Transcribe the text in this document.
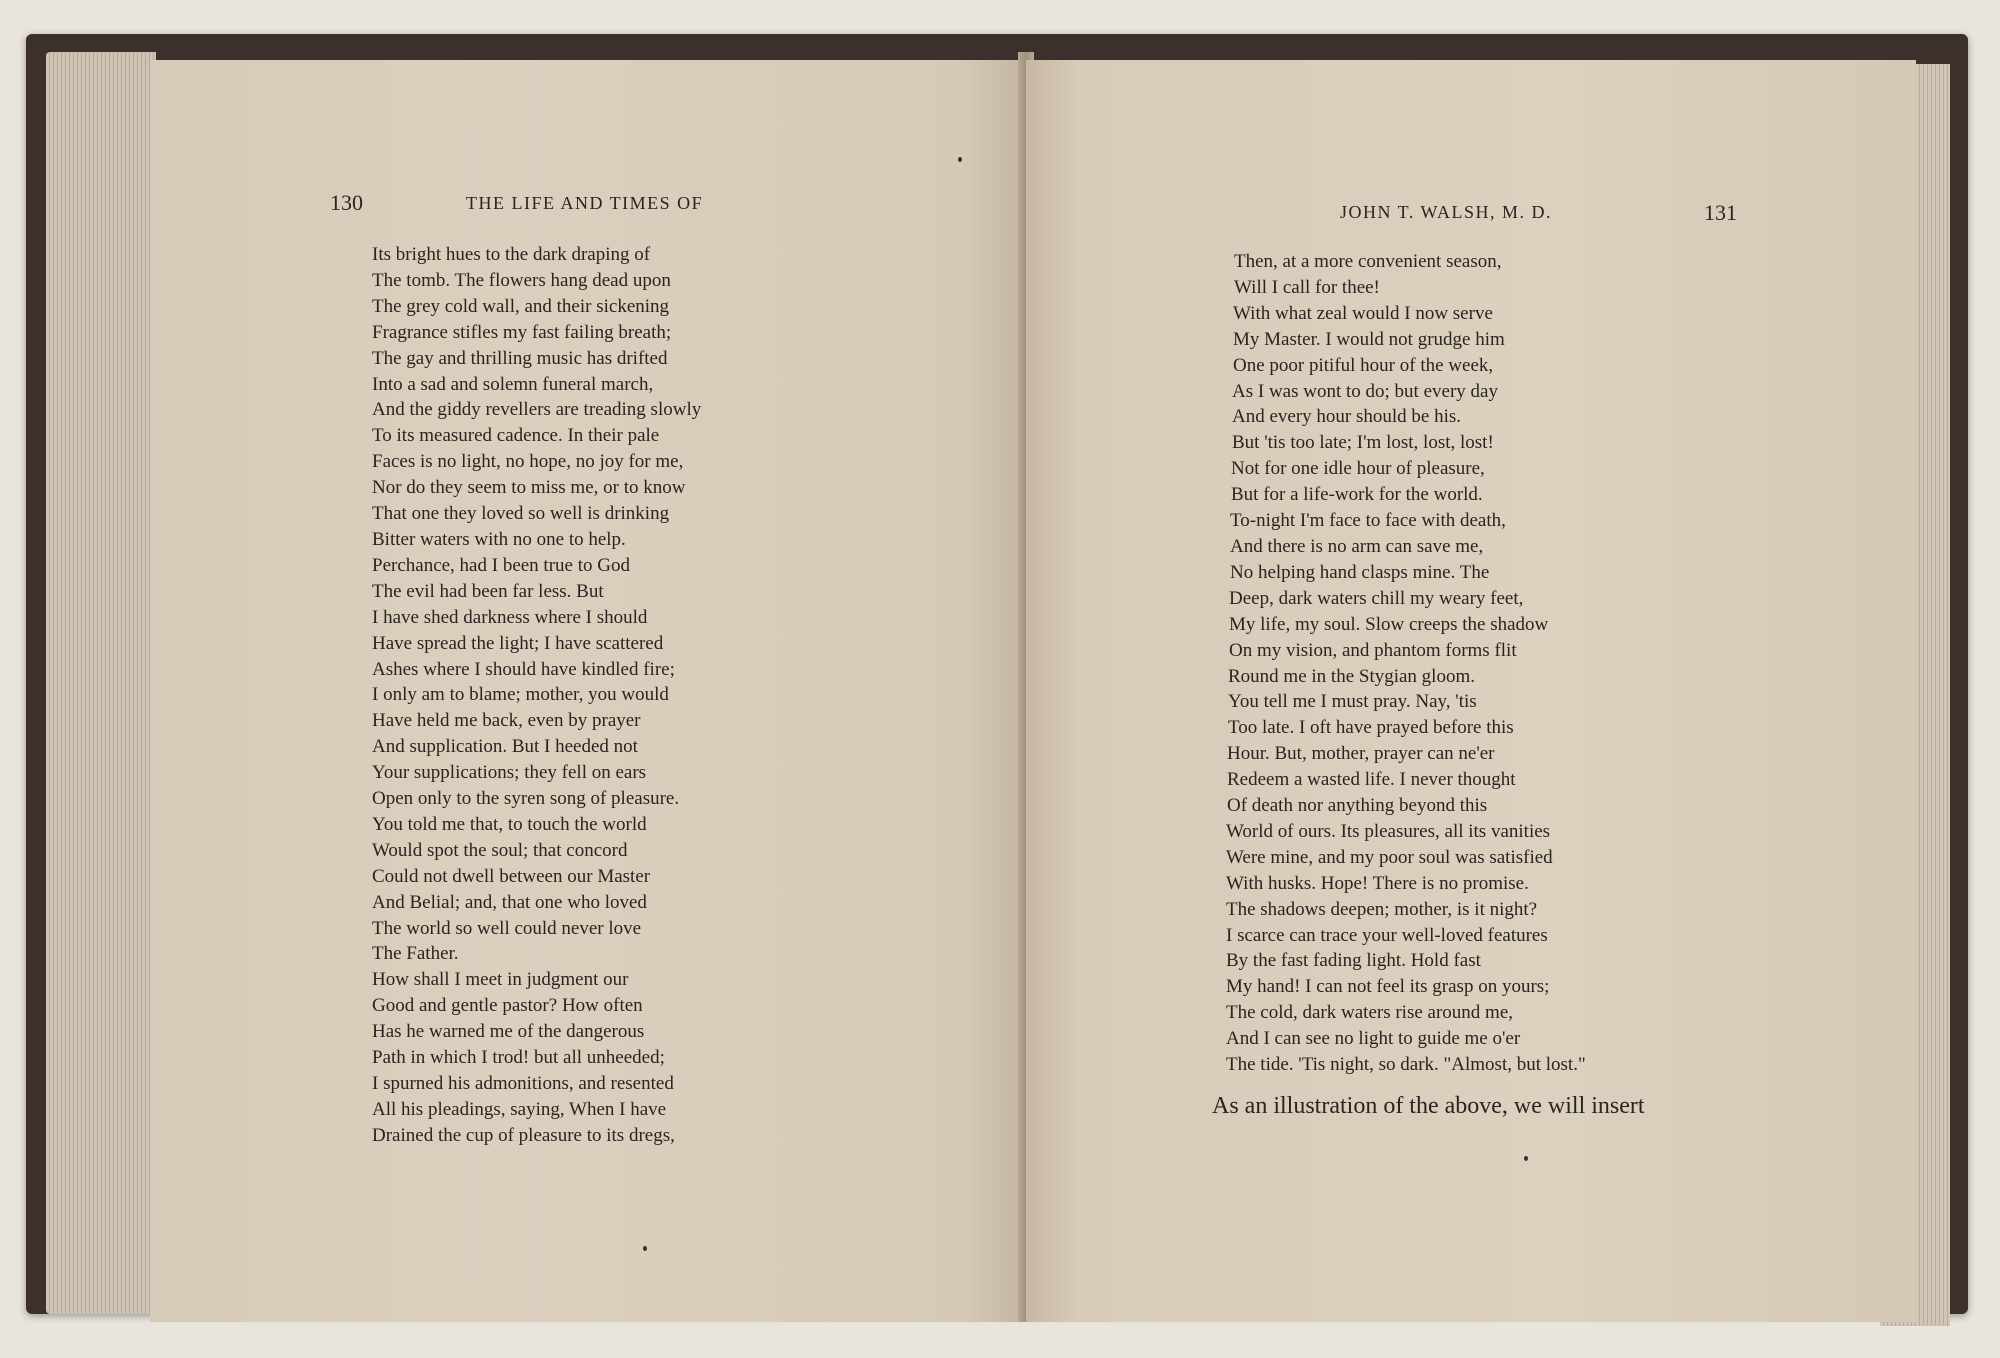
130	THE LIFE AND TIMES OF
Its bright hues to the dark draping of
The tomb. The flowers hang dead upon
The grey cold wall, and their sickening
Fragrance stifles my fast failing breath;
The gay and thrilling music has drifted
Into a sad and solemn funeral march,
And the giddy revellers are treading slowly
To its measured cadence. In their pale
Faces is no light, no hope, no joy for me,
Nor do they seem to miss me, or to know
That one they loved so well is drinking
Bitter waters with no one to help.
Perchance, had I been true to God
The evil had been far less. But
I have shed darkness where I should
Have spread the light; I have scattered
Ashes where I should have kindled fire;
I only am to blame; mother, you would
Have held me back, even by prayer
And supplication. But I heeded not
Your supplications; they fell on ears
Open only to the syren song of pleasure.
You told me that, to touch the world
Would spot the soul; that concord
Could not dwell between our Master
And Belial; and, that one who loved
The world so well could never love
The Father.
How shall I meet in judgment our
Good and gentle pastor? How often
Has he warned me of the dangerous
Path in which I trod! but all unheeded;
I spurned his admonitions, and resented
All his pleadings, saying, When I have
Drained the cup of pleasure to its dregs,
JOHN T. WALSH, M. D.	131
Then, at a more convenient season,
Will I call for thee!
With what zeal would I now serve
My Master. I would not grudge him
One poor pitiful hour of the week,
As I was wont to do; but every day
And every hour should be his.
But 'tis too late; I'm lost, lost, lost!
Not for one idle hour of pleasure,
But for a life-work for the world.
To-night I'm face to face with death,
And there is no arm can save me,
No helping hand clasps mine. The
Deep, dark waters chill my weary feet,
My life, my soul. Slow creeps the shadow
On my vision, and phantom forms flit
Round me in the Stygian gloom.
You tell me I must pray. Nay, 'tis
Too late. I oft have prayed before this
Hour. But, mother, prayer can ne'er
Redeem a wasted life. I never thought
Of death nor anything beyond this
World of ours. Its pleasures, all its vanities
Were mine, and my poor soul was satisfied
With husks. Hope! There is no promise.
The shadows deepen; mother, is it night?
I scarce can trace your well-loved features
By the fast fading light. Hold fast
My hand! I can not feel its grasp on yours;
The cold, dark waters rise around me,
And I can see no light to guide me o'er
The tide. 'Tis night, so dark. "Almost, but lost."

As an illustration of the above, we will insert
